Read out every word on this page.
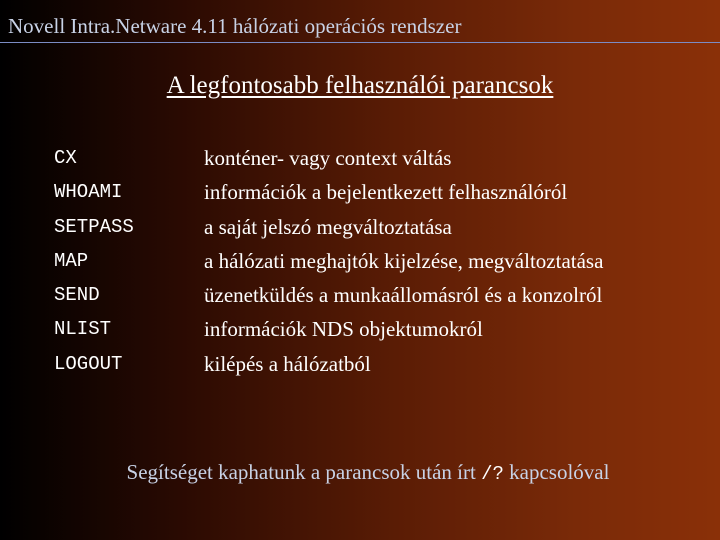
Novell Intra.Netware 4.11 hálózati operációs rendszer
A legfontosabb felhasználói parancsok
CX
WHOAMI
SETPASS
MAP
SEND
NLIST
LOGOUT
konténer- vagy context váltás
információk a bejelentkezett felhasználóról
a saját jelszó megváltoztatása
a hálózati meghajtók kijelzése, megváltoztatása
üzenetküldés a munkaállomásról és a konzolról
információk NDS objektumokról
kilépés a hálózatból
Segítséget kaphatunk a parancsok után írt /? kapcsolóval
